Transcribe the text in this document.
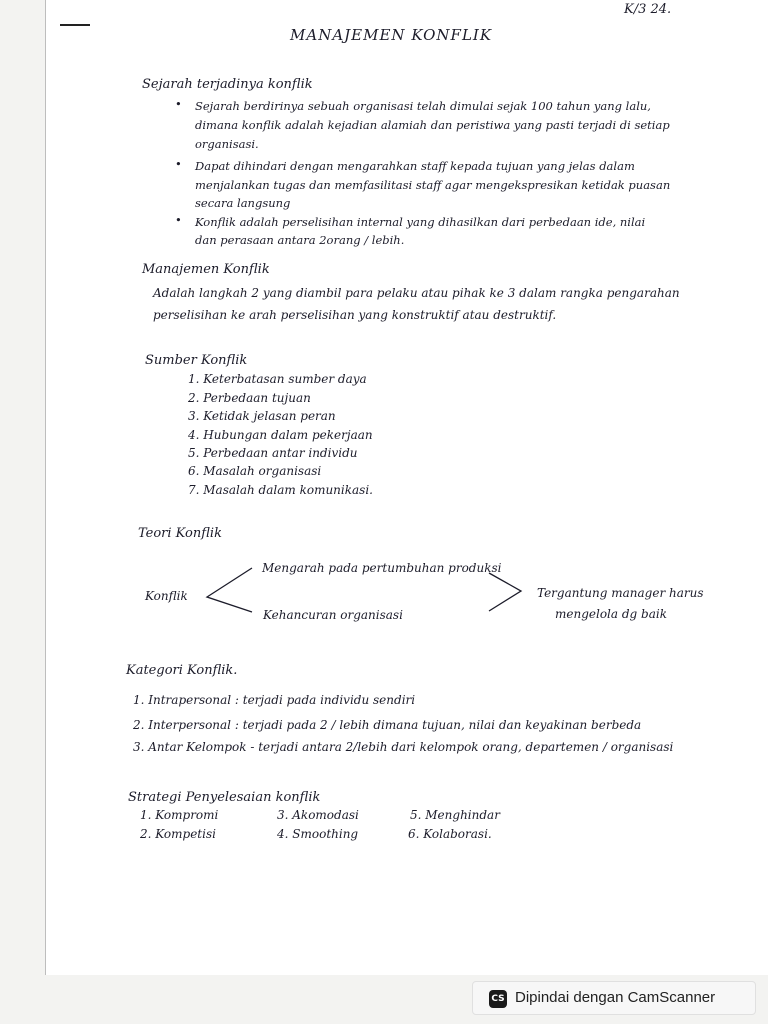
K/3 24.
MANAJEMEN KONFLIK
Sejarah terjadinya konflik
• Sejarah berdirinya sebuah organisasi telah dimulai sejak 100 tahun yang lalu,
dimana konflik adalah kejadian alamiah dan peristiwa yang pasti terjadi di setiap
organisasi.
• Dapat dihindari dengan mengarahkan staff kepada tujuan yang jelas dalam
menjalankan tugas dan memfasilitasi staff agar mengekspresikan ketidak puasan
secara langsung
• Konflik adalah perselisihan internal yang dihasilkan dari perbedaan ide, nilai
dan perasaan antara 2orang / lebih.
Manajemen Konflik
Adalah langkah 2 yang diambil para pelaku atau pihak ke 3 dalam rangka pengarahan
perselisihan ke arah perselisihan yang konstruktif atau destruktif.
Sumber Konflik
1. Keterbatasan sumber daya
2. Perbedaan tujuan
3. Ketidak jelasan peran
4. Hubungan dalam pekerjaan
5. Perbedaan antar individu
6. Masalah organisasi
7. Masalah dalam komunikasi.
Teori Konflik
Konflik
Mengarah pada pertumbuhan produksi
Kehancuran organisasi
Tergantung manager harus
mengelola dg baik
Kategori Konflik.
1. Intrapersonal : terjadi pada individu sendiri
2. Interpersonal : terjadi pada 2 / lebih dimana tujuan, nilai dan keyakinan berbeda
3. Antar Kelompok - terjadi antara 2/lebih dari kelompok orang, departemen / organisasi
Strategi Penyelesaian konflik
1. Kompromi
2. Kompetisi
3. Akomodasi
4. Smoothing
5. Menghindar
6. Kolaborasi.
CS Dipindai dengan CamScanner
